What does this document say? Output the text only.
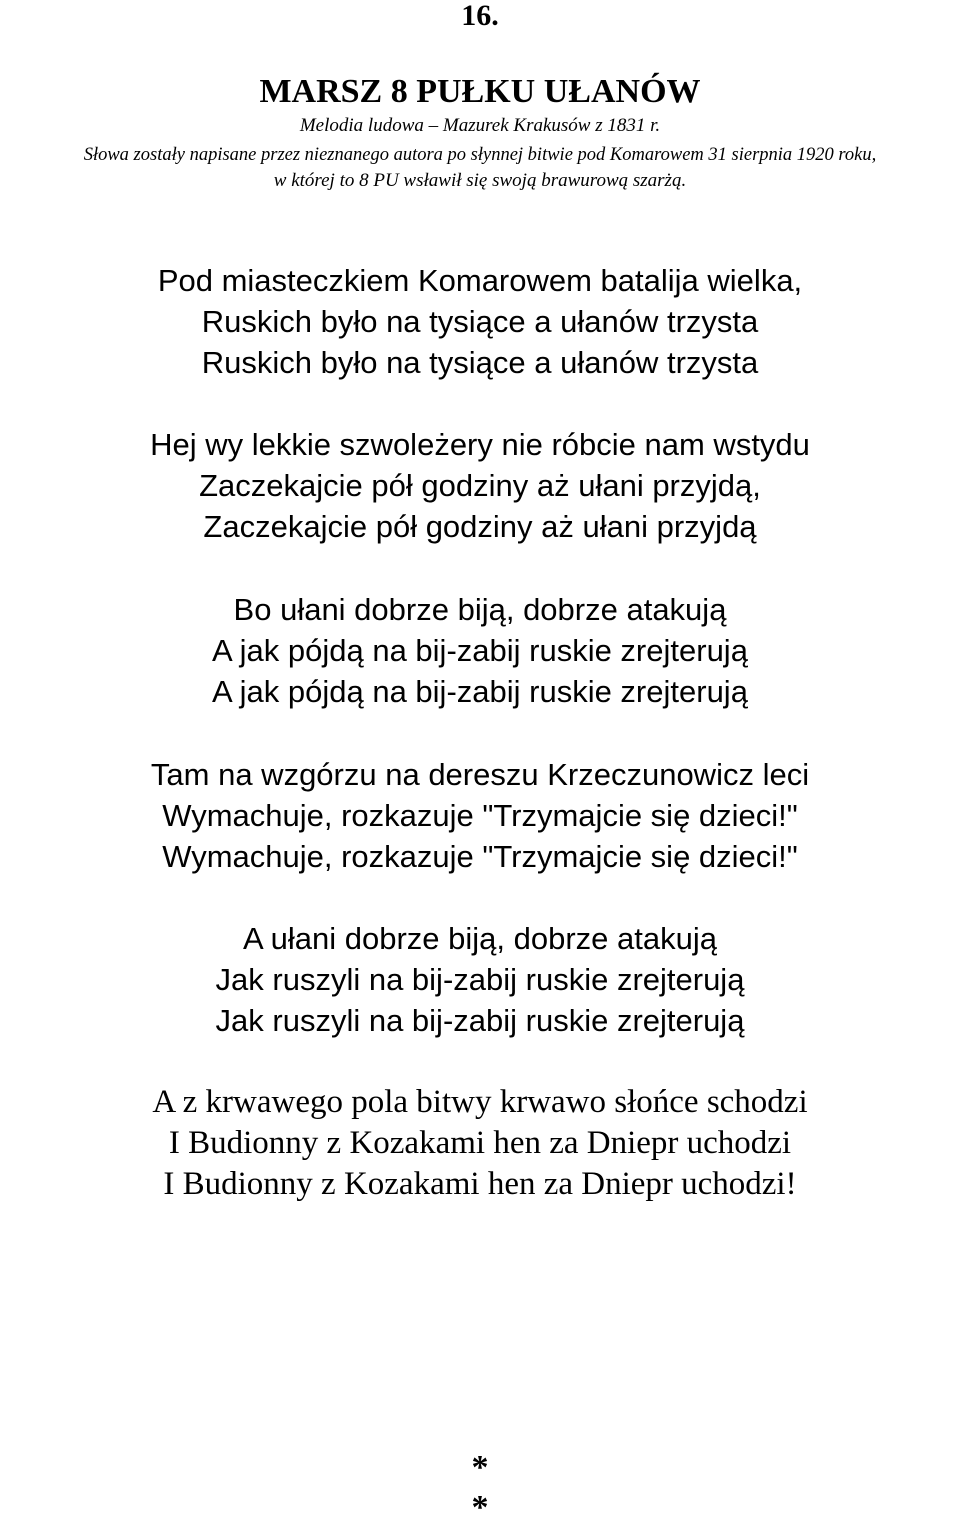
16.
MARSZ 8 PUŁKU UŁANÓW
Melodia ludowa – Mazurek Krakusów z 1831 r.
Słowa zostały napisane przez nieznanego autora po słynnej bitwie pod Komarowem 31 sierpnia 1920 roku,
w której to 8 PU wsławił się swoją brawurową szarżą.
Pod miasteczkiem Komarowem batalija wielka,
Ruskich było na tysiące a ułanów trzysta
Ruskich było na tysiące a ułanów trzysta
Hej wy lekkie szwoleżery nie róbcie nam wstydu
Zaczekajcie pół godziny aż ułani przyjdą,
Zaczekajcie pół godziny aż ułani przyjdą
Bo ułani dobrze biją, dobrze atakują
A jak pójdą na bij-zabij ruskie zrejterują
A jak pójdą na bij-zabij ruskie zrejterują
Tam na wzgórzu na dereszu Krzeczunowicz leci
Wymachuje, rozkazuje "Trzymajcie się dzieci!"
Wymachuje, rozkazuje "Trzymajcie się dzieci!"
A ułani dobrze biją, dobrze atakują
Jak ruszyli na bij-zabij ruskie zrejterują
Jak ruszyli na bij-zabij ruskie zrejterują
A z krwawego pola bitwy krwawo słońce schodzi
I Budionny z Kozakami hen za Dniepr uchodzi
I Budionny z Kozakami hen za Dniepr uchodzi!
*
*
